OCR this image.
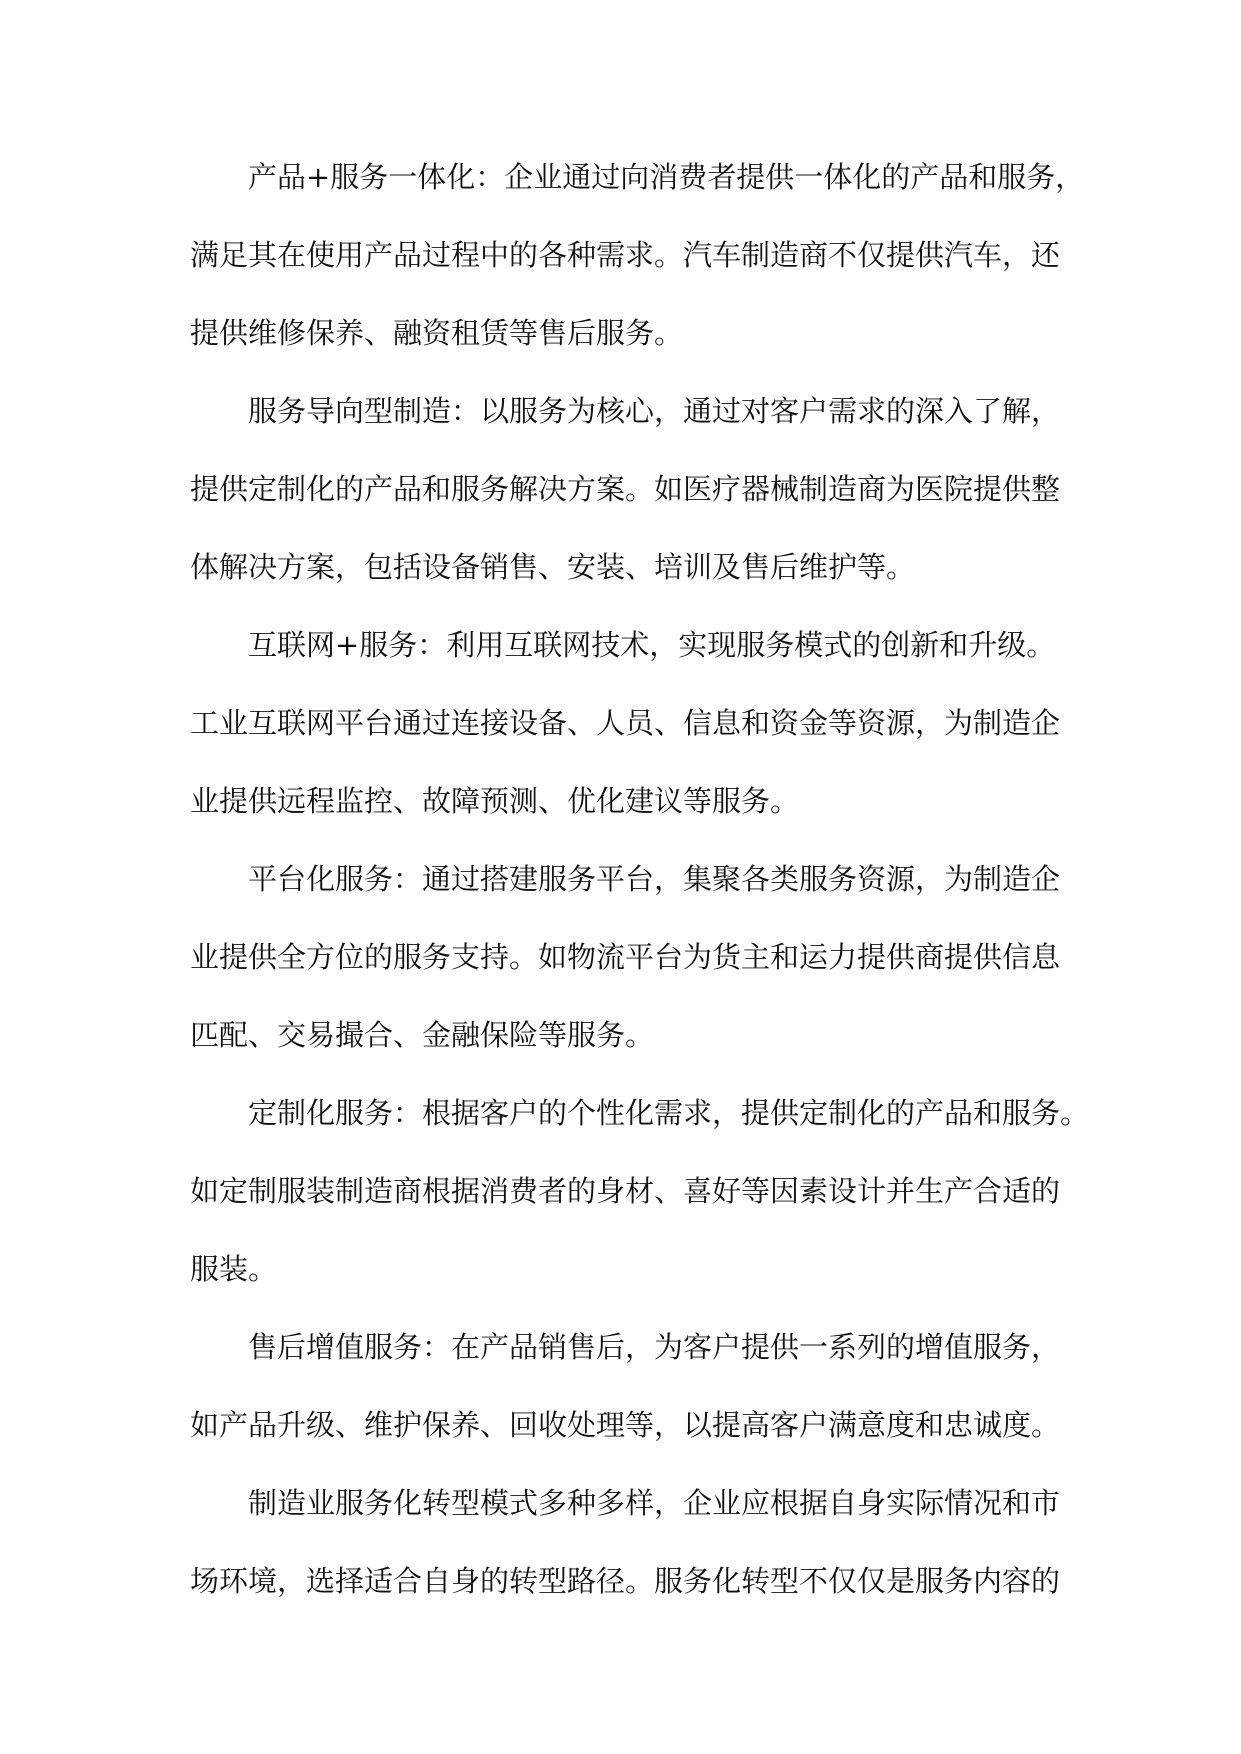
产品+服务一体化：企业通过向消费者提供一体化的产品和服务，

满足其在使用产品过程中的各种需求。汽车制造商不仅提供汽车，还

提供维修保养、融资租赁等售后服务。

服务导向型制造：以服务为核心，通过对客户需求的深入了解，

提供定制化的产品和服务解决方案。如医疗器械制造商为医院提供整

体解决方案，包括设备销售、安装、培训及售后维护等。

互联网+服务：利用互联网技术，实现服务模式的创新和升级。

工业互联网平台通过连接设备、人员、信息和资金等资源，为制造企

业提供远程监控、故障预测、优化建议等服务。

平台化服务：通过搭建服务平台，集聚各类服务资源，为制造企

业提供全方位的服务支持。如物流平台为货主和运力提供商提供信息

匹配、交易撮合、金融保险等服务。

定制化服务：根据客户的个性化需求，提供定制化的产品和服务。

如定制服装制造商根据消费者的身材、喜好等因素设计并生产合适的

服装。

售后增值服务：在产品销售后，为客户提供一系列的增值服务，

如产品升级、维护保养、回收处理等，以提高客户满意度和忠诚度。

制造业服务化转型模式多种多样，企业应根据自身实际情况和市

场环境，选择适合自身的转型路径。服务化转型不仅仅是服务内容的
